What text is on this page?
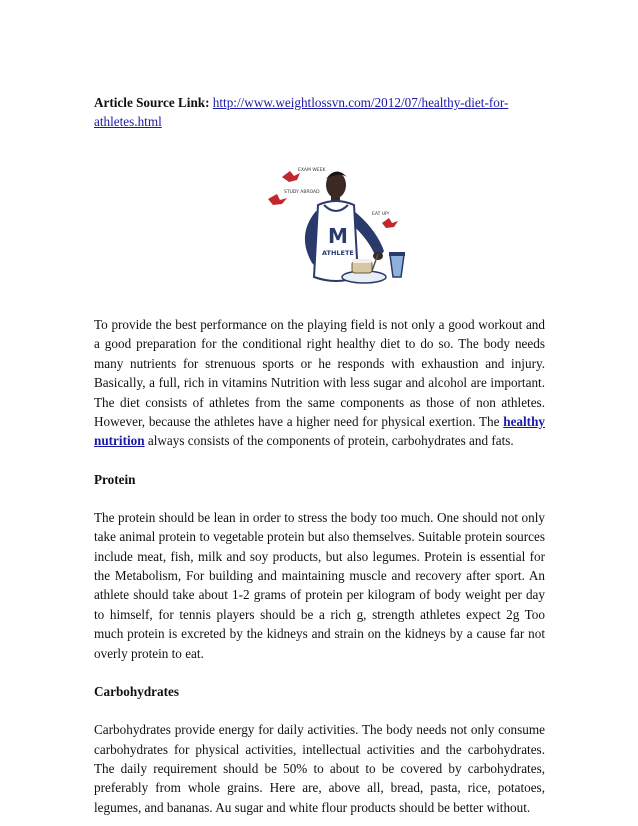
Article Source Link: http://www.weightlossvn.com/2012/07/healthy-diet-for-athletes.html

EXAM WEEK
STUDY ABROAD
EAT UP!
M
ATHLETE

To provide the best performance on the playing field is not only a good workout and a good preparation for the conditional right healthy diet to do so. The body needs many nutrients for strenuous sports or he responds with exhaustion and injury. Basically, a full, rich in vitamins Nutrition with less sugar and alcohol are important. The diet consists of athletes from the same components as those of non athletes. However, because the athletes have a higher need for physical exertion. The healthy nutrition always consists of the components of protein, carbohydrates and fats.

Protein

The protein should be lean in order to stress the body too much. One should not only take animal protein to vegetable protein but also themselves. Suitable protein sources include meat, fish, milk and soy products, but also legumes. Protein is essential for the Metabolism, For building and maintaining muscle and recovery after sport. An athlete should take about 1-2 grams of protein per kilogram of body weight per day to himself, for tennis players should be a rich g, strength athletes expect 2g Too much protein is excreted by the kidneys and strain on the kidneys by a cause far not overly protein to eat.

Carbohydrates

Carbohydrates provide energy for daily activities. The body needs not only consume carbohydrates for physical activities, intellectual activities and the carbohydrates. The daily requirement should be 50% to about to be covered by carbohydrates, preferably from whole grains. Here are, above all, bread, pasta, rice, potatoes, legumes, and bananas. Au sugar and white flour products should be better without.
